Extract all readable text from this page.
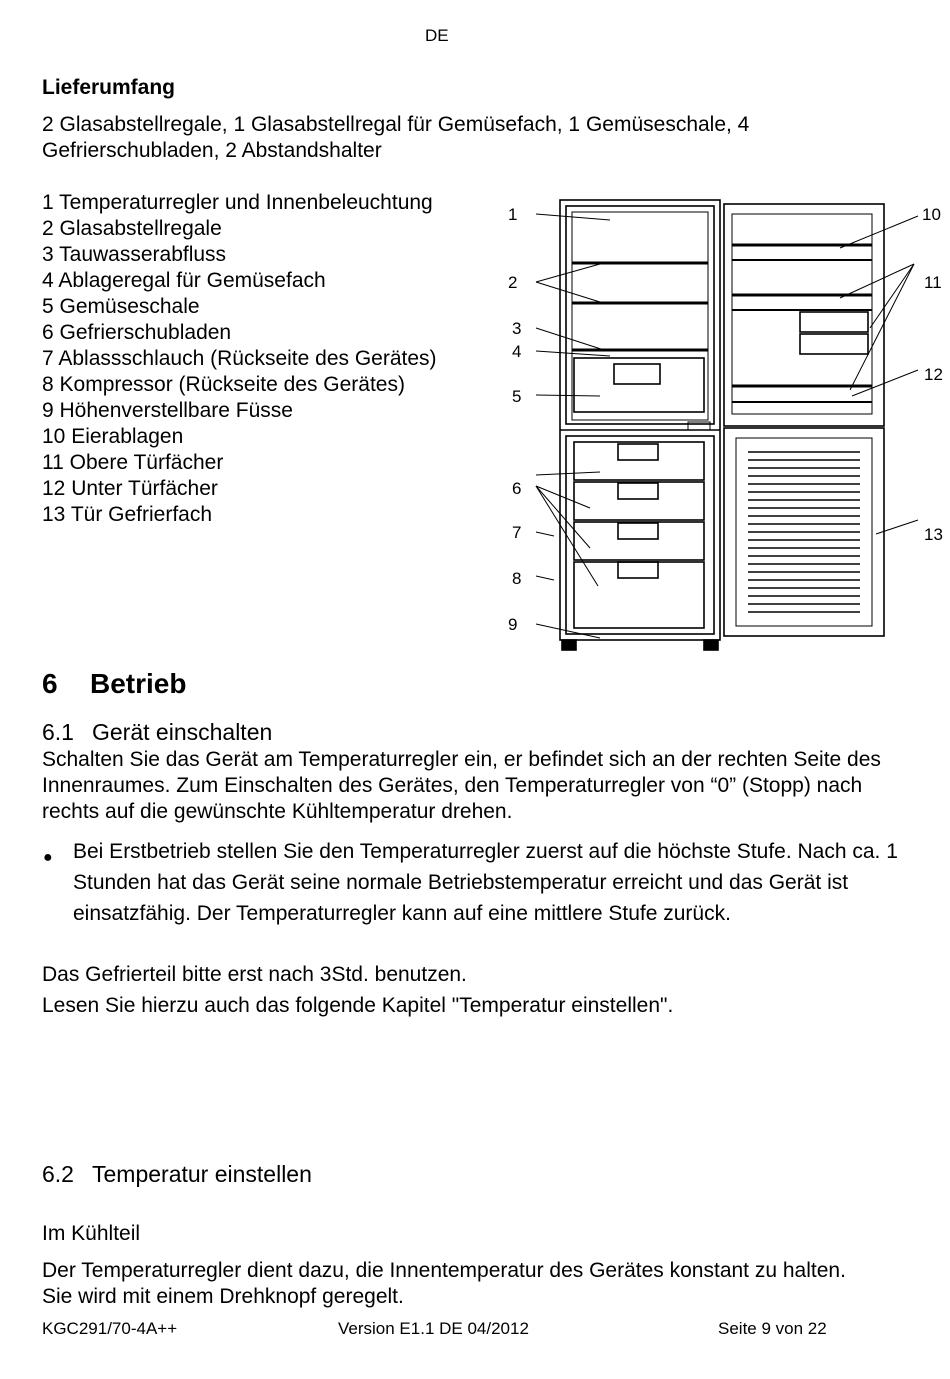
DE
Lieferumfang
2 Glasabstellregale, 1 Glasabstellregal für Gemüsefach, 1 Gemüseschale, 4 Gefrierschubladen, 2 Abstandshalter
1 Temperaturregler und Innenbeleuchtung
2 Glasabstellregale
3 Tauwasserabfluss
4 Ablageregal für Gemüsefach
5 Gemüseschale
6 Gefrierschubladen
7 Ablassschlauch (Rückseite des Gerätes)
8 Kompressor (Rückseite des Gerätes)
9 Höhenverstellbare Füsse
10 Eierablagen
11 Obere Türfächer
12 Unter Türfächer
13 Tür Gefrierfach
1
2
3
4
5
6
7
8
9
10
11
12
13
6 Betrieb
6.1 Gerät einschalten
Schalten Sie das Gerät am Temperaturregler ein, er befindet sich an der rechten Seite des Innenraumes. Zum Einschalten des Gerätes, den Temperaturregler von “0” (Stopp) nach rechts auf die gewünschte Kühltemperatur drehen.
● Bei Erstbetrieb stellen Sie den Temperaturregler zuerst auf die höchste Stufe. Nach ca. 1 Stunden hat das Gerät seine normale Betriebstemperatur erreicht und das Gerät ist einsatzfähig. Der Temperaturregler kann auf eine mittlere Stufe zurück.
Das Gefrierteil bitte erst nach 3Std. benutzen.
Lesen Sie hierzu auch das folgende Kapitel "Temperatur einstellen".
6.2 Temperatur einstellen
Im Kühlteil
Der Temperaturregler dient dazu, die Innentemperatur des Gerätes konstant zu halten. Sie wird mit einem Drehknopf geregelt.
KGC291/70-4A++	Version E1.1 DE 04/2012	Seite 9 von 22
